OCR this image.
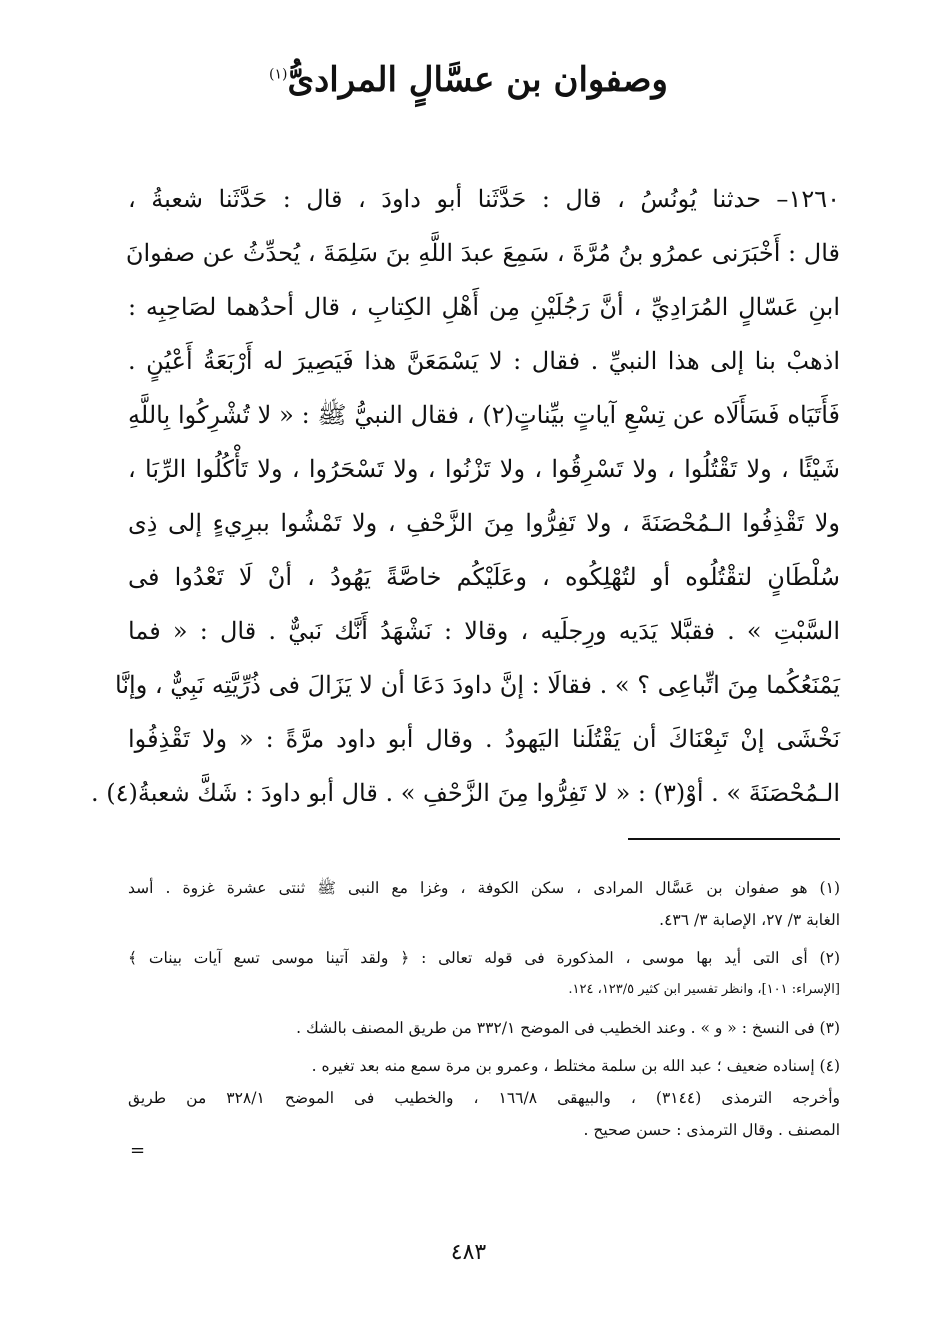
وصفوان بن عسَّالٍ المرادىُّ$^{(١)}$
١٢٦٠– حدثنا يُونُسُ ، قال : حَدَّثَنا أبو داودَ ، قال : حَدَّثَنا شعبةُ ،
قال : أَخْبَرَنى عمرُو بنُ مُرَّةَ ، سَمِعَ عبدَ اللَّهِ بنَ سَلِمَةَ ، يُحدِّثُ عن صفوانَ
ابنِ عَسّالٍ المُرَادِيِّ ، أنَّ رَجُلَيْنِ مِن أَهْلِ الكِتابِ ، قال أحدُهما لصَاحِبِه :
اذهبْ بنا إلى هذا النبيِّ . فقال : لا يَسْمَعَنَّ هذا فَيَصِيرَ له أَرْبَعَةُ أَعْيُنٍ .
فَأَتَيَاه فَسَأَلَاه عن تِسْعِ آياتٍ بيِّناتٍ(٢) ، فقال النبيُّ ﷺ : « لا تُشْرِكُوا بِاللَّهِ
شَيْئًا ، ولا تَقْتُلُوا ، ولا تَسْرِقُوا ، ولا تَزْنُوا ، ولا تَسْحَرُوا ، ولا تَأْكُلُوا الرِّبَا ،
ولا تَقْذِفُوا الـمُحْصَنَةَ ، ولا تَفِرُّوا مِنَ الزَّحْفِ ، ولا تَمْشُوا ببرِيءٍ إلى ذِى
سُلْطَانٍ لتقْتُلُوه أو لتُهْلِكُوه ، وعَلَيْكُم خاصَّةً يَهُودُ ، أنْ لَا تَعْدُوا فى
السَّبْتِ » . فقبَّلا يَدَيه ورِجلَيه ، وقالا : نَشْهَدُ أَنَّك نَبيٌّ . قال : « فما
يَمْنَعُكُما مِنَ اتِّباعِى ؟ » . فقالَا : إنَّ داودَ دَعَا أن لا يَزَالَ فى ذُرِّيَّتِه نَبِيٌّ ، وإنَّا
نَخْشَى إنْ تَبِعْنَاكَ أن يَقْتُلَنا اليَهودُ . وقال أبو داود مرَّةً : « ولا تَقْذِفُوا
الـمُحْصَنَةَ » . أوْ(٣) : « لا تَفِرُّوا مِنَ الزَّحْفِ » . قال أبو داودَ : شَكَّ شعبةُ(٤) .
(١) هو صفوان بن عَسَّال المرادى ، سكن الكوفة ، وغزا مع النبى ﷺ ثنتى عشرة غزوة . أسد
الغابة ٣/ ٢٧، الإصابة ٣/ ٤٣٦.
(٢) أى التى أيد بها موسى ، المذكورة فى قوله تعالى : ﴿ ولقد آتينا موسى تسع آيات بينات ﴾
[الإسراء: ١٠١]، وانظر تفسير ابن كثير ١٢٣/٥، ١٢٤.
(٣) فى النسخ : « و » . وعند الخطيب فى الموضح ٣٣٢/١ من طريق المصنف بالشك .
(٤) إسناده ضعيف ؛ عبد الله بن سلمة مختلط ، وعمرو بن مرة سمع منه بعد تغيره .
وأخرجه الترمذى (٣١٤٤) ، والبيهقى ١٦٦/٨ ، والخطيب فى الموضح ٣٢٨/١ من طريق
المصنف . وقال الترمذى : حسن صحيح .
=
٤٨٣
